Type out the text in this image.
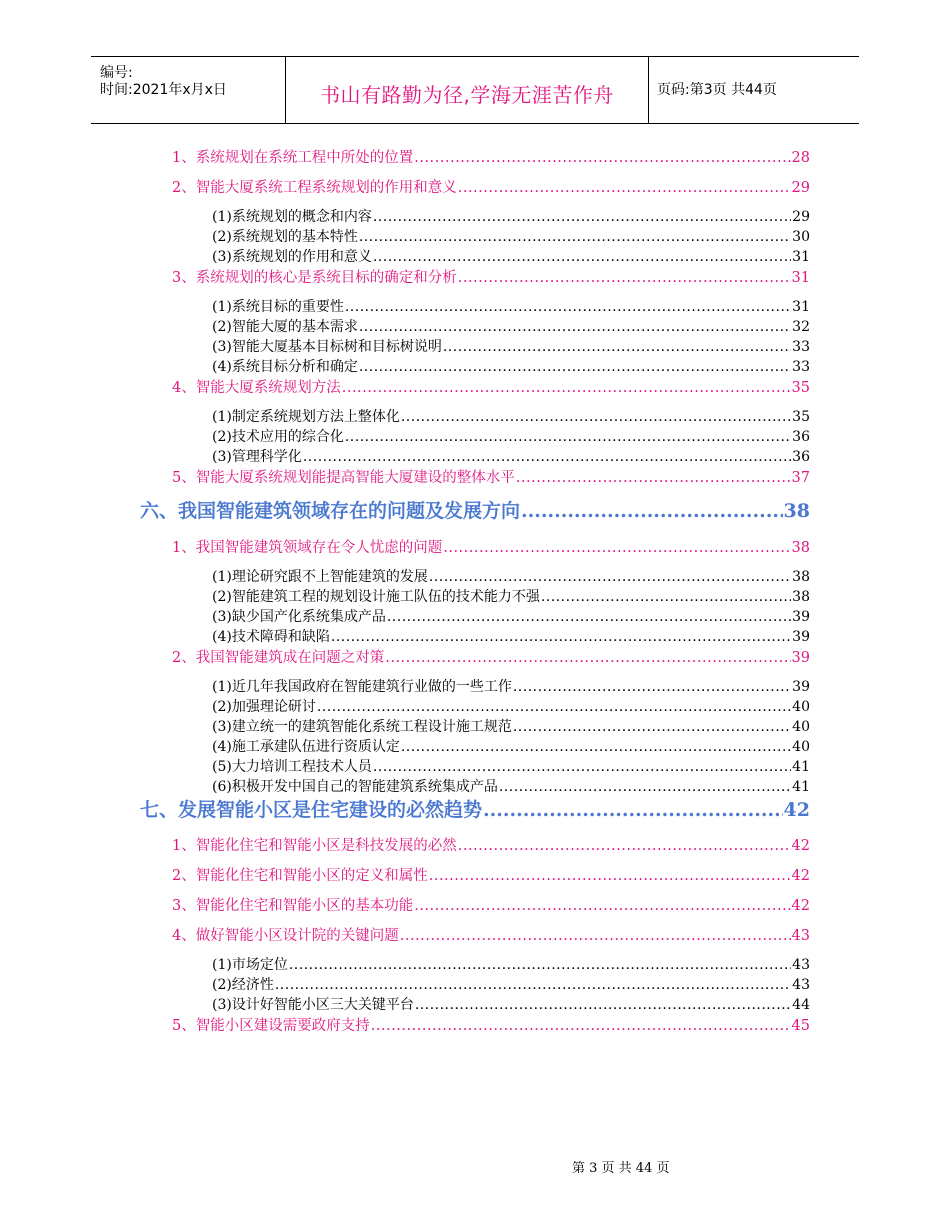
编号:
时间:2021年x月x日	书山有路勤为径,学海无涯苦作舟	页码:第3页 共44页
1、系统规划在系统工程中所处的位置 .....	28
2、智能大厦系统工程系统规划的作用和意义 .....	29
(1)系统规划的概念和内容 .....	29
(2)系统规划的基本特性 .....	30
(3)系统规划的作用和意义 .....	31
3、系统规划的核心是系统目标的确定和分析 .....	31
(1)系统目标的重要性 .....	31
(2)智能大厦的基本需求 .....	32
(3)智能大厦基本目标树和目标树说明 .....	33
(4)系统目标分析和确定 .....	33
4、智能大厦系统规划方法 .....	35
(1)制定系统规划方法上整体化 .....	35
(2)技术应用的综合化 .....	36
(3)管理科学化 .....	36
5、智能大厦系统规划能提高智能大厦建设的整体水平 .....	37
六、我国智能建筑领域存在的问题及发展方向 .....	38
1、我国智能建筑领域存在令人忧虑的问题 .....	38
(1)理论研究跟不上智能建筑的发展 .....	38
(2)智能建筑工程的规划设计施工队伍的技术能力不强 .....	38
(3)缺少国产化系统集成产品 .....	39
(4)技术障碍和缺陷 .....	39
2、我国智能建筑成在问题之对策 .....	39
(1)近几年我国政府在智能建筑行业做的一些工作 .....	39
(2)加强理论研讨 .....	40
(3)建立统一的建筑智能化系统工程设计施工规范 .....	40
(4)施工承建队伍进行资质认定 .....	40
(5)大力培训工程技术人员 .....	41
(6)积极开发中国自己的智能建筑系统集成产品 .....	41
七、发展智能小区是住宅建设的必然趋势 .....	42
1、智能化住宅和智能小区是科技发展的必然 .....	42
2、智能化住宅和智能小区的定义和属性 .....	42
3、智能化住宅和智能小区的基本功能 .....	42
4、做好智能小区设计院的关键问题 .....	43
(1)市场定位 .....	43
(2)经济性 .....	43
(3)设计好智能小区三大关键平台 .....	44
5、智能小区建设需要政府支持 .....	45
第 3 页 共 44 页
